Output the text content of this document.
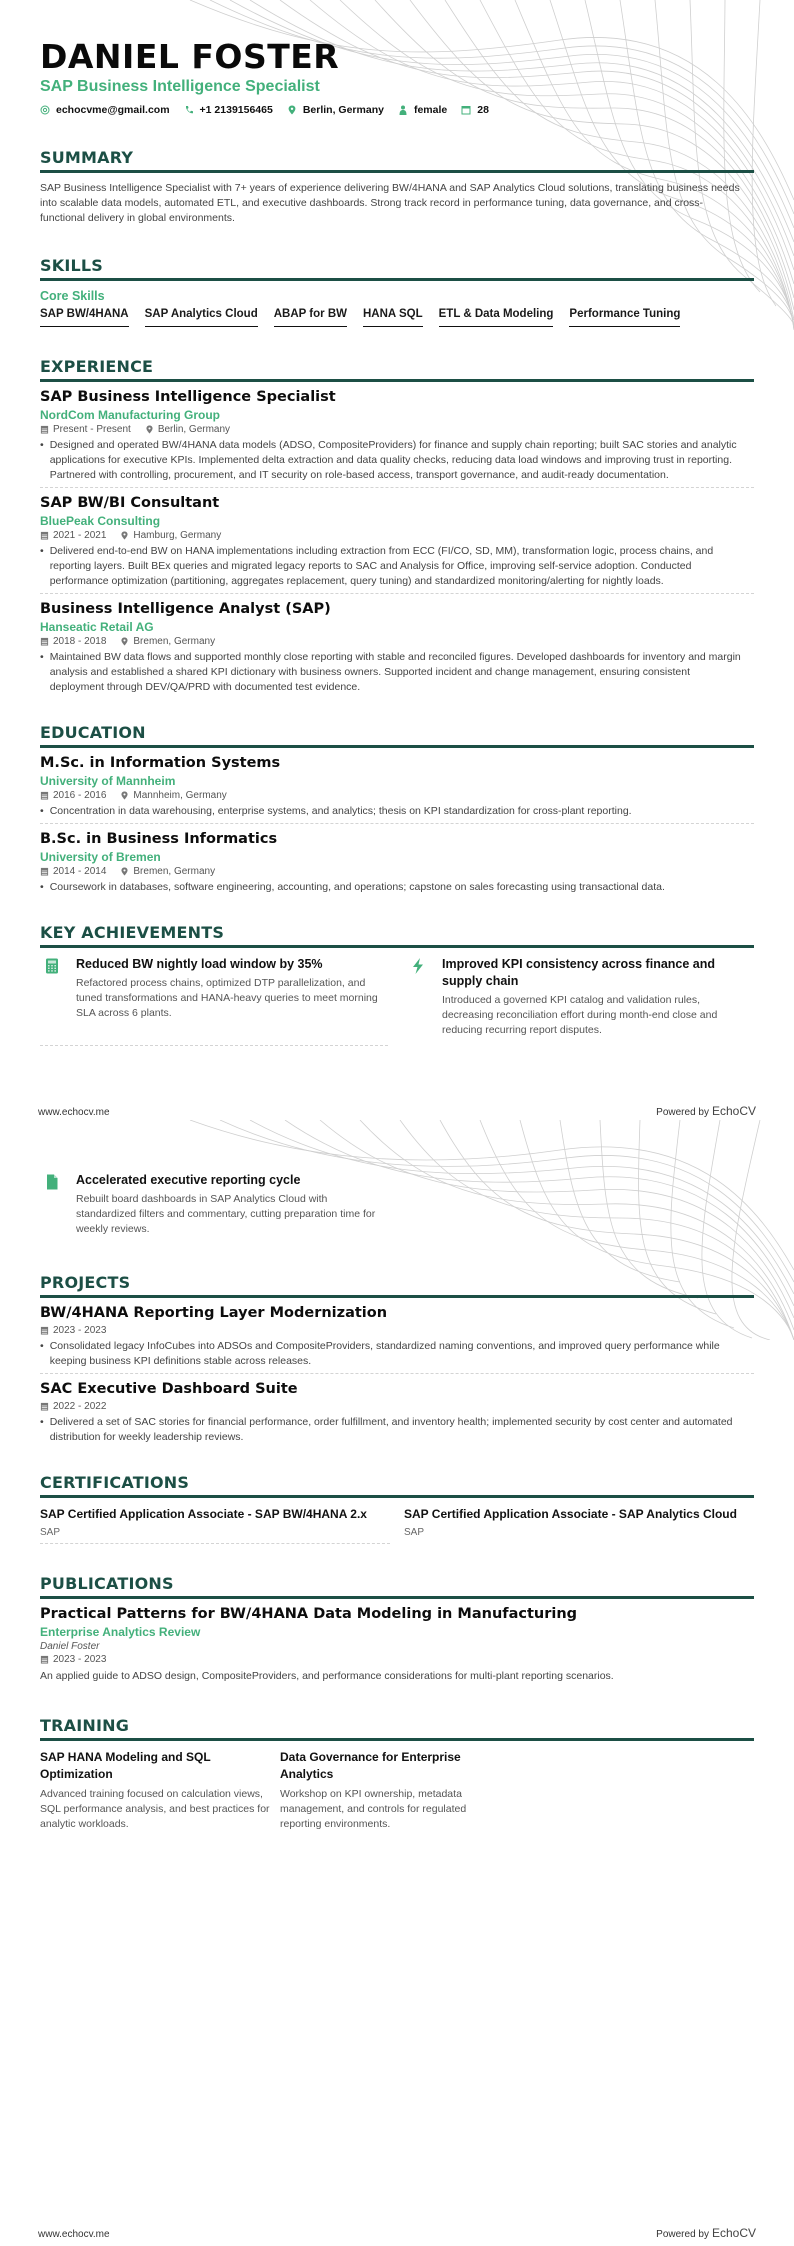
DANIEL FOSTER
SAP Business Intelligence Specialist
echocvme@gmail.com	+1 2139156465	Berlin, Germany	female	28
SUMMARY

SAP Business Intelligence Specialist with 7+ years of experience delivering BW/4HANA and SAP Analytics Cloud solutions, translating business needs into scalable data models, automated ETL, and executive dashboards. Strong track record in performance tuning, data governance, and cross-functional delivery in global environments.

SKILLS
Core Skills
SAP BW/4HANA SAP Analytics Cloud ABAP for BW HANA SQL ETL & Data Modeling Performance Tuning
EXPERIENCE
SAP Business Intelligence Specialist
NordCom Manufacturing Group
Present - Present	Berlin, Germany
• Designed and operated BW/4HANA data models (ADSO, CompositeProviders) for finance and supply chain reporting; built SAC stories and analytic applications for executive KPIs. Implemented delta extraction and data quality checks, reducing data load windows and improving trust in reporting. Partnered with controlling, procurement, and IT security on role-based access, transport governance, and audit-ready documentation.
SAP BW/BI Consultant
BluePeak Consulting
2021 - 2021	Hamburg, Germany
• Delivered end-to-end BW on HANA implementations including extraction from ECC (FI/CO, SD, MM), transformation logic, process chains, and reporting layers. Built BEx queries and migrated legacy reports to SAC and Analysis for Office, improving self-service adoption. Conducted performance optimization (partitioning, aggregates replacement, query tuning) and standardized monitoring/alerting for nightly loads.
Business Intelligence Analyst (SAP)
Hanseatic Retail AG
2018 - 2018	Bremen, Germany
• Maintained BW data flows and supported monthly close reporting with stable and reconciled figures. Developed dashboards for inventory and margin analysis and established a shared KPI dictionary with business owners. Supported incident and change management, ensuring consistent deployment through DEV/QA/PRD with documented test evidence.
EDUCATION
M.Sc. in Information Systems
University of Mannheim
2016 - 2016	Mannheim, Germany
• Concentration in data warehousing, enterprise systems, and analytics; thesis on KPI standardization for cross-plant reporting.
B.Sc. in Business Informatics
University of Bremen
2014 - 2014	Bremen, Germany
• Coursework in databases, software engineering, accounting, and operations; capstone on sales forecasting using transactional data.
KEY ACHIEVEMENTS
Reduced BW nightly load window by 35%
Refactored process chains, optimized DTP parallelization, and tuned transformations and HANA-heavy queries to meet morning SLA across 6 plants.
Improved KPI consistency across finance and supply chain
Introduced a governed KPI catalog and validation rules, decreasing reconciliation effort during month-end close and reducing recurring report disputes.
www.echocv.me	Powered by EchoCV
Accelerated executive reporting cycle
Rebuilt board dashboards in SAP Analytics Cloud with standardized filters and commentary, cutting preparation time for weekly reviews.
PROJECTS
BW/4HANA Reporting Layer Modernization
2023 - 2023
• Consolidated legacy InfoCubes into ADSOs and CompositeProviders, standardized naming conventions, and improved query performance while keeping business KPI definitions stable across releases.
SAC Executive Dashboard Suite
2022 - 2022
• Delivered a set of SAC stories for financial performance, order fulfillment, and inventory health; implemented security by cost center and automated distribution for weekly leadership reviews.
CERTIFICATIONS
SAP Certified Application Associate - SAP BW/4HANA 2.x
SAP
SAP Certified Application Associate - SAP Analytics Cloud
SAP
PUBLICATIONS
Practical Patterns for BW/4HANA Data Modeling in Manufacturing
Enterprise Analytics Review
Daniel Foster
2023 - 2023
An applied guide to ADSO design, CompositeProviders, and performance considerations for multi-plant reporting scenarios.
TRAINING
SAP HANA Modeling and SQL Optimization
Advanced training focused on calculation views, SQL performance analysis, and best practices for analytic workloads.
Data Governance for Enterprise Analytics
Workshop on KPI ownership, metadata management, and controls for regulated reporting environments.
www.echocv.me	Powered by EchoCV
